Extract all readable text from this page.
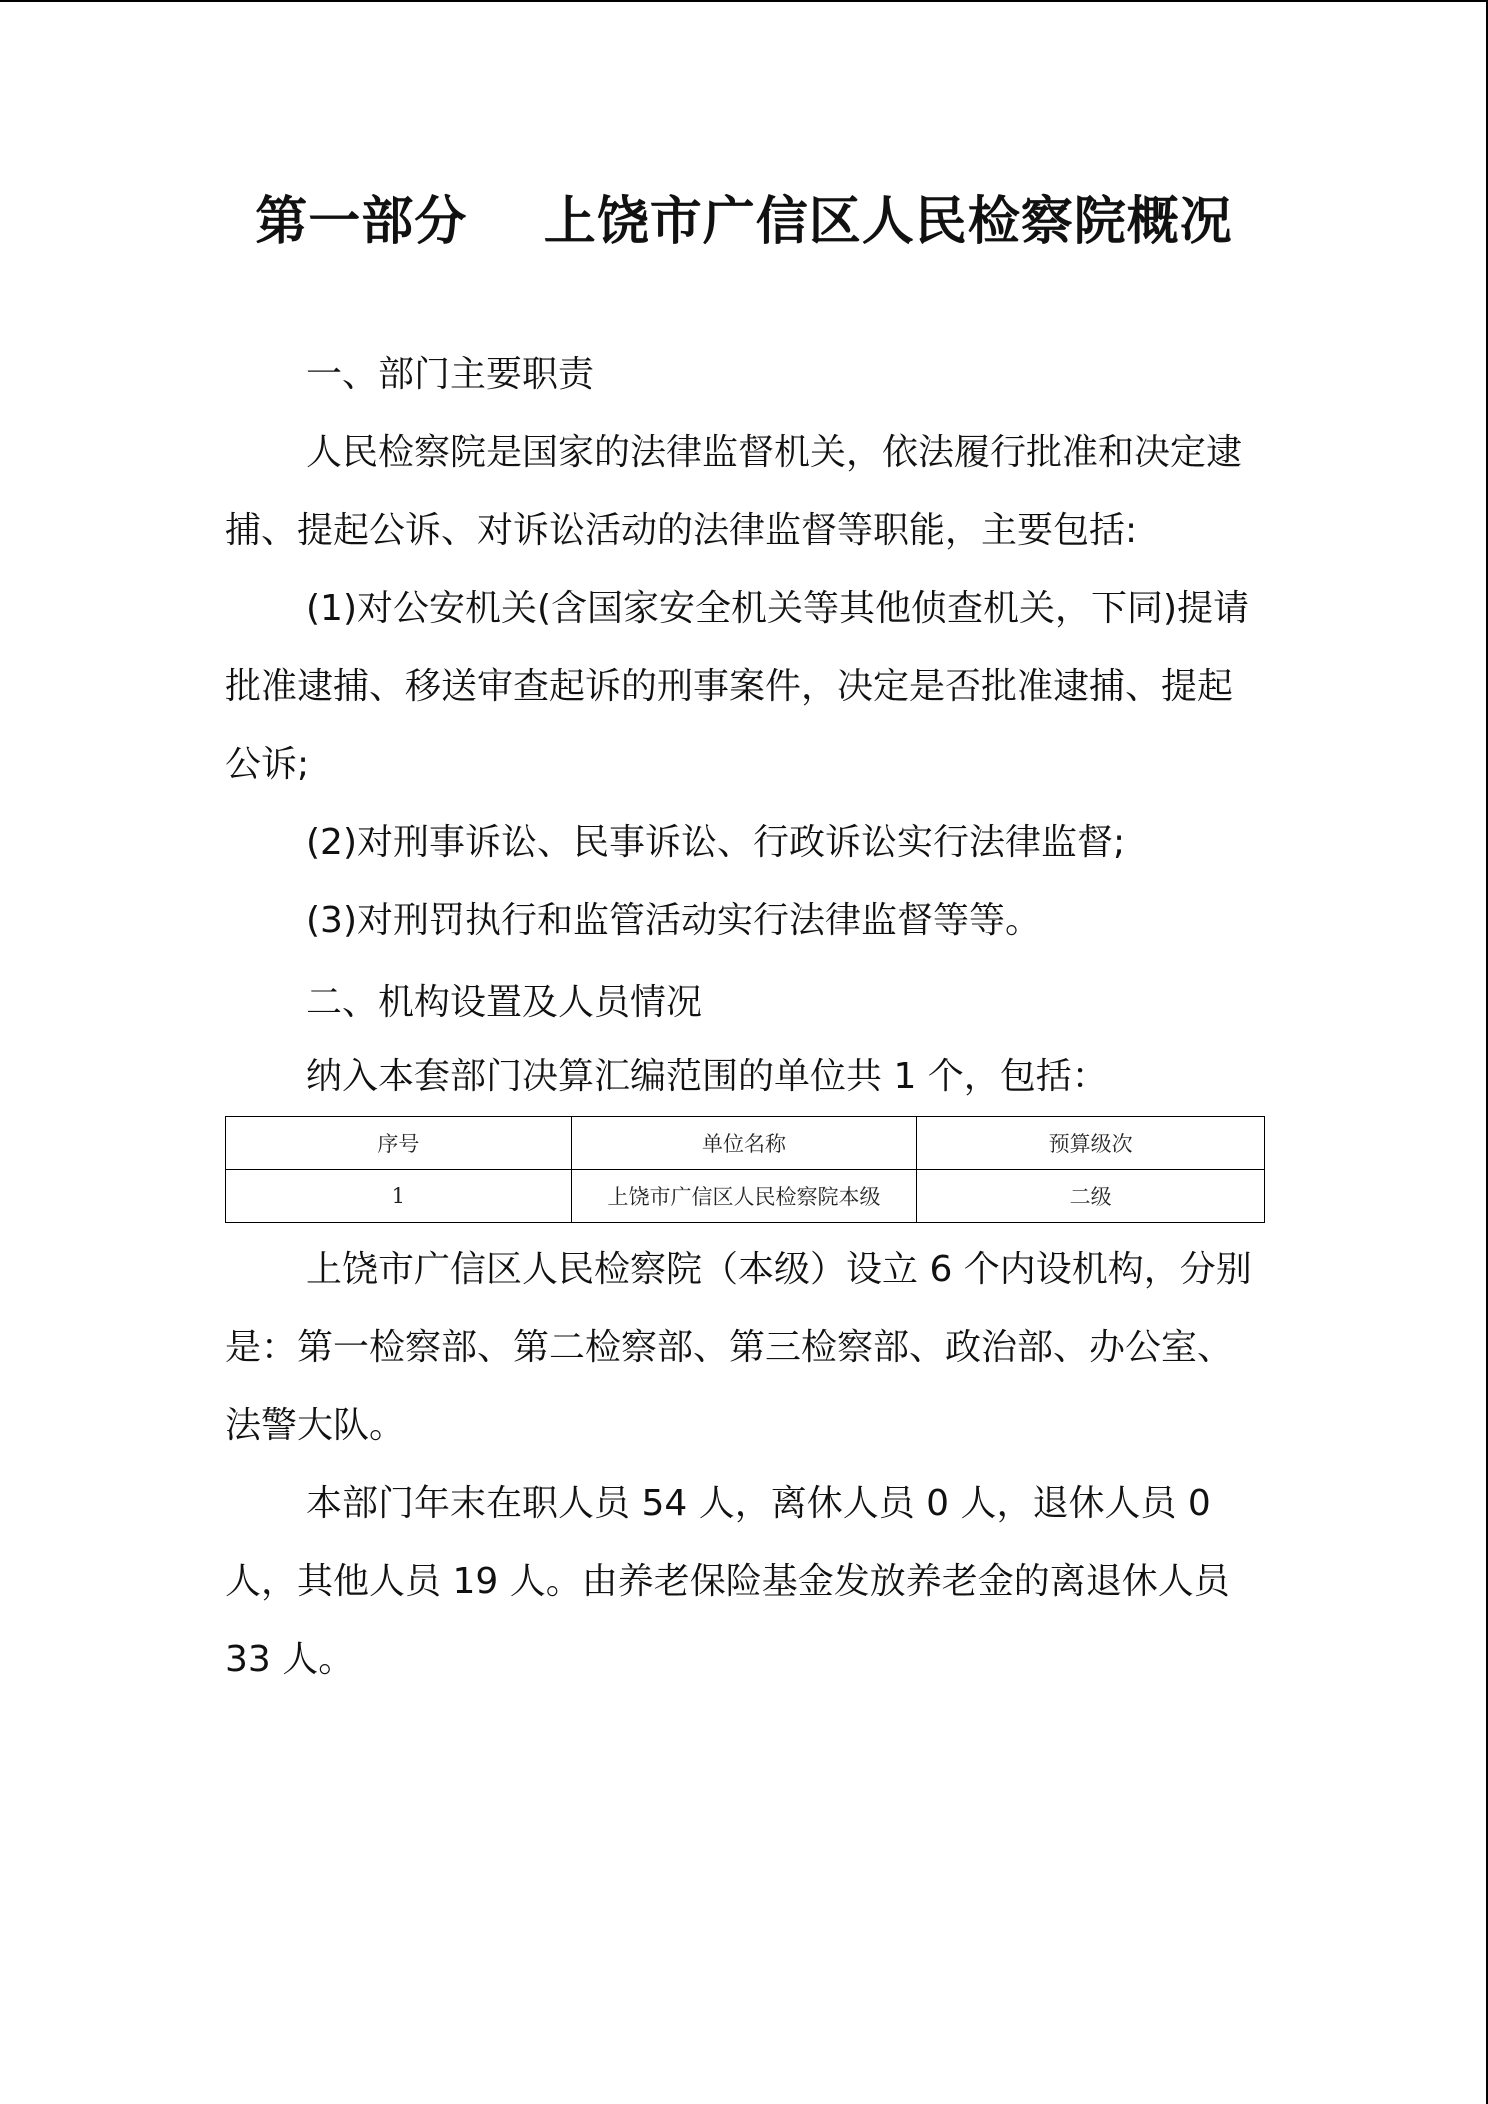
第一部分    上饶市广信区人民检察院概况

一、部门主要职责

人民检察院是国家的法律监督机关，依法履行批准和决定逮捕、提起公诉、对诉讼活动的法律监督等职能，主要包括:

(1)对公安机关(含国家安全机关等其他侦查机关，下同)提请批准逮捕、移送审查起诉的刑事案件，决定是否批准逮捕、提起公诉;

(2)对刑事诉讼、民事诉讼、行政诉讼实行法律监督;

(3)对刑罚执行和监管活动实行法律监督等等。

二、机构设置及人员情况

纳入本套部门决算汇编范围的单位共 1 个，包括：

序号	单位名称	预算级次
1	上饶市广信区人民检察院本级	二级

上饶市广信区人民检察院（本级）设立 6 个内设机构，分别是：第一检察部、第二检察部、第三检察部、政治部、办公室、法警大队。

本部门年末在职人员 54 人，离休人员 0 人，退休人员 0 人，其他人员 19 人。由养老保险基金发放养老金的离退休人员 33 人。
